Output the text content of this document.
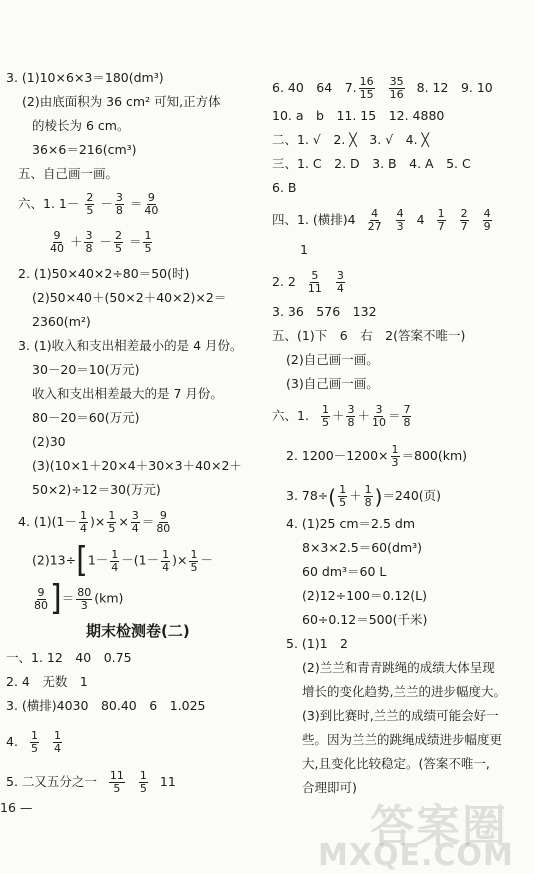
3. (1)10×6×3＝180(dm³)
(2)由底面积为 36 cm² 可知,正方体
的棱长为 6 cm。
36×6＝216(cm³)
五、自己画一画。
六、1. $1- \frac{2}{5} - \frac{3}{8} = \frac{9}{40}$
$\frac{9}{40} + \frac{3}{8} - \frac{2}{5} = \frac{1}{5}$
2. (1)50×40×2÷80＝50(时)
(2)50×40＋(50×2＋40×2)×2＝
2360(m²)
3. (1)收入和支出相差最小的是 4 月份。
30－20＝10(万元)
收入和支出相差最大的是 7 月份。
80－20＝60(万元)
(2)30
(3)(10×1＋20×4＋30×3＋40×2＋
50×2)÷12＝30(万元)
4. $(1)(1- \frac{1}{4}$ )× $\frac{1}{5} \times \frac{3}{4} = \frac{9}{80}$
$(2)13\div[1- \frac{1}{4} -(1- \frac{1}{4}$ )× $\frac{1}{5}$ －
$\frac{9}{80}$ ]＝ $\frac{80}{3} (km)$
期末检测卷(二)
一、1. 12　40　0.75
2. 4　无数　1
3. (横排)4030　80.40　6　1.025
4. $\frac{1}{5} \frac{1}{4}$
5. 二又五分之一 $\frac{11}{5} \frac{1}{5} 11$
16 —
6. 40　64　7. $\frac{16}{15} \frac{35}{16} 8$. 12　9. 10
10. a　b　11. 15　12. 4880
二、1. √　2. ╳　3. √　4. ╳
三、1. C　2. D　3. B　4. A　5. C
6. B
四、1. (横排)$4 \frac{4}{27} \frac{4}{3} 4 \frac{1}{7} \frac{2}{7} \frac{4}{9}$
1
2. $2 \frac{5}{11} \frac{3}{4}$
3. 36　576　132
五、(1)下　6　右　2(答案不唯一)
(2)自己画一画。
(3)自己画一画。
六、1. $\frac{1}{5} + \frac{3}{8} + \frac{3}{10} = \frac{7}{8}$
2. $1200-1200\times \frac{1}{3} =800(km)$
3. $78\div( \frac{1}{5} + \frac{1}{8} )=240$(页)
4. (1)25 cm＝2.5 dm
8×3×2.5＝60(dm³)
60 dm³＝60 L
(2)12÷100＝0.12(L)
60÷0.12＝500(千米)
5. (1)1　2
(2)兰兰和青青跳绳的成绩大体呈现
增长的变化趋势,兰兰的进步幅度大。
(3)到比赛时,兰兰的成绩可能会好一
些。因为兰兰的跳绳成绩进步幅度更
大,且变化比较稳定。(答案不唯一,
合理即可)
答案圈
MXQE.COM
